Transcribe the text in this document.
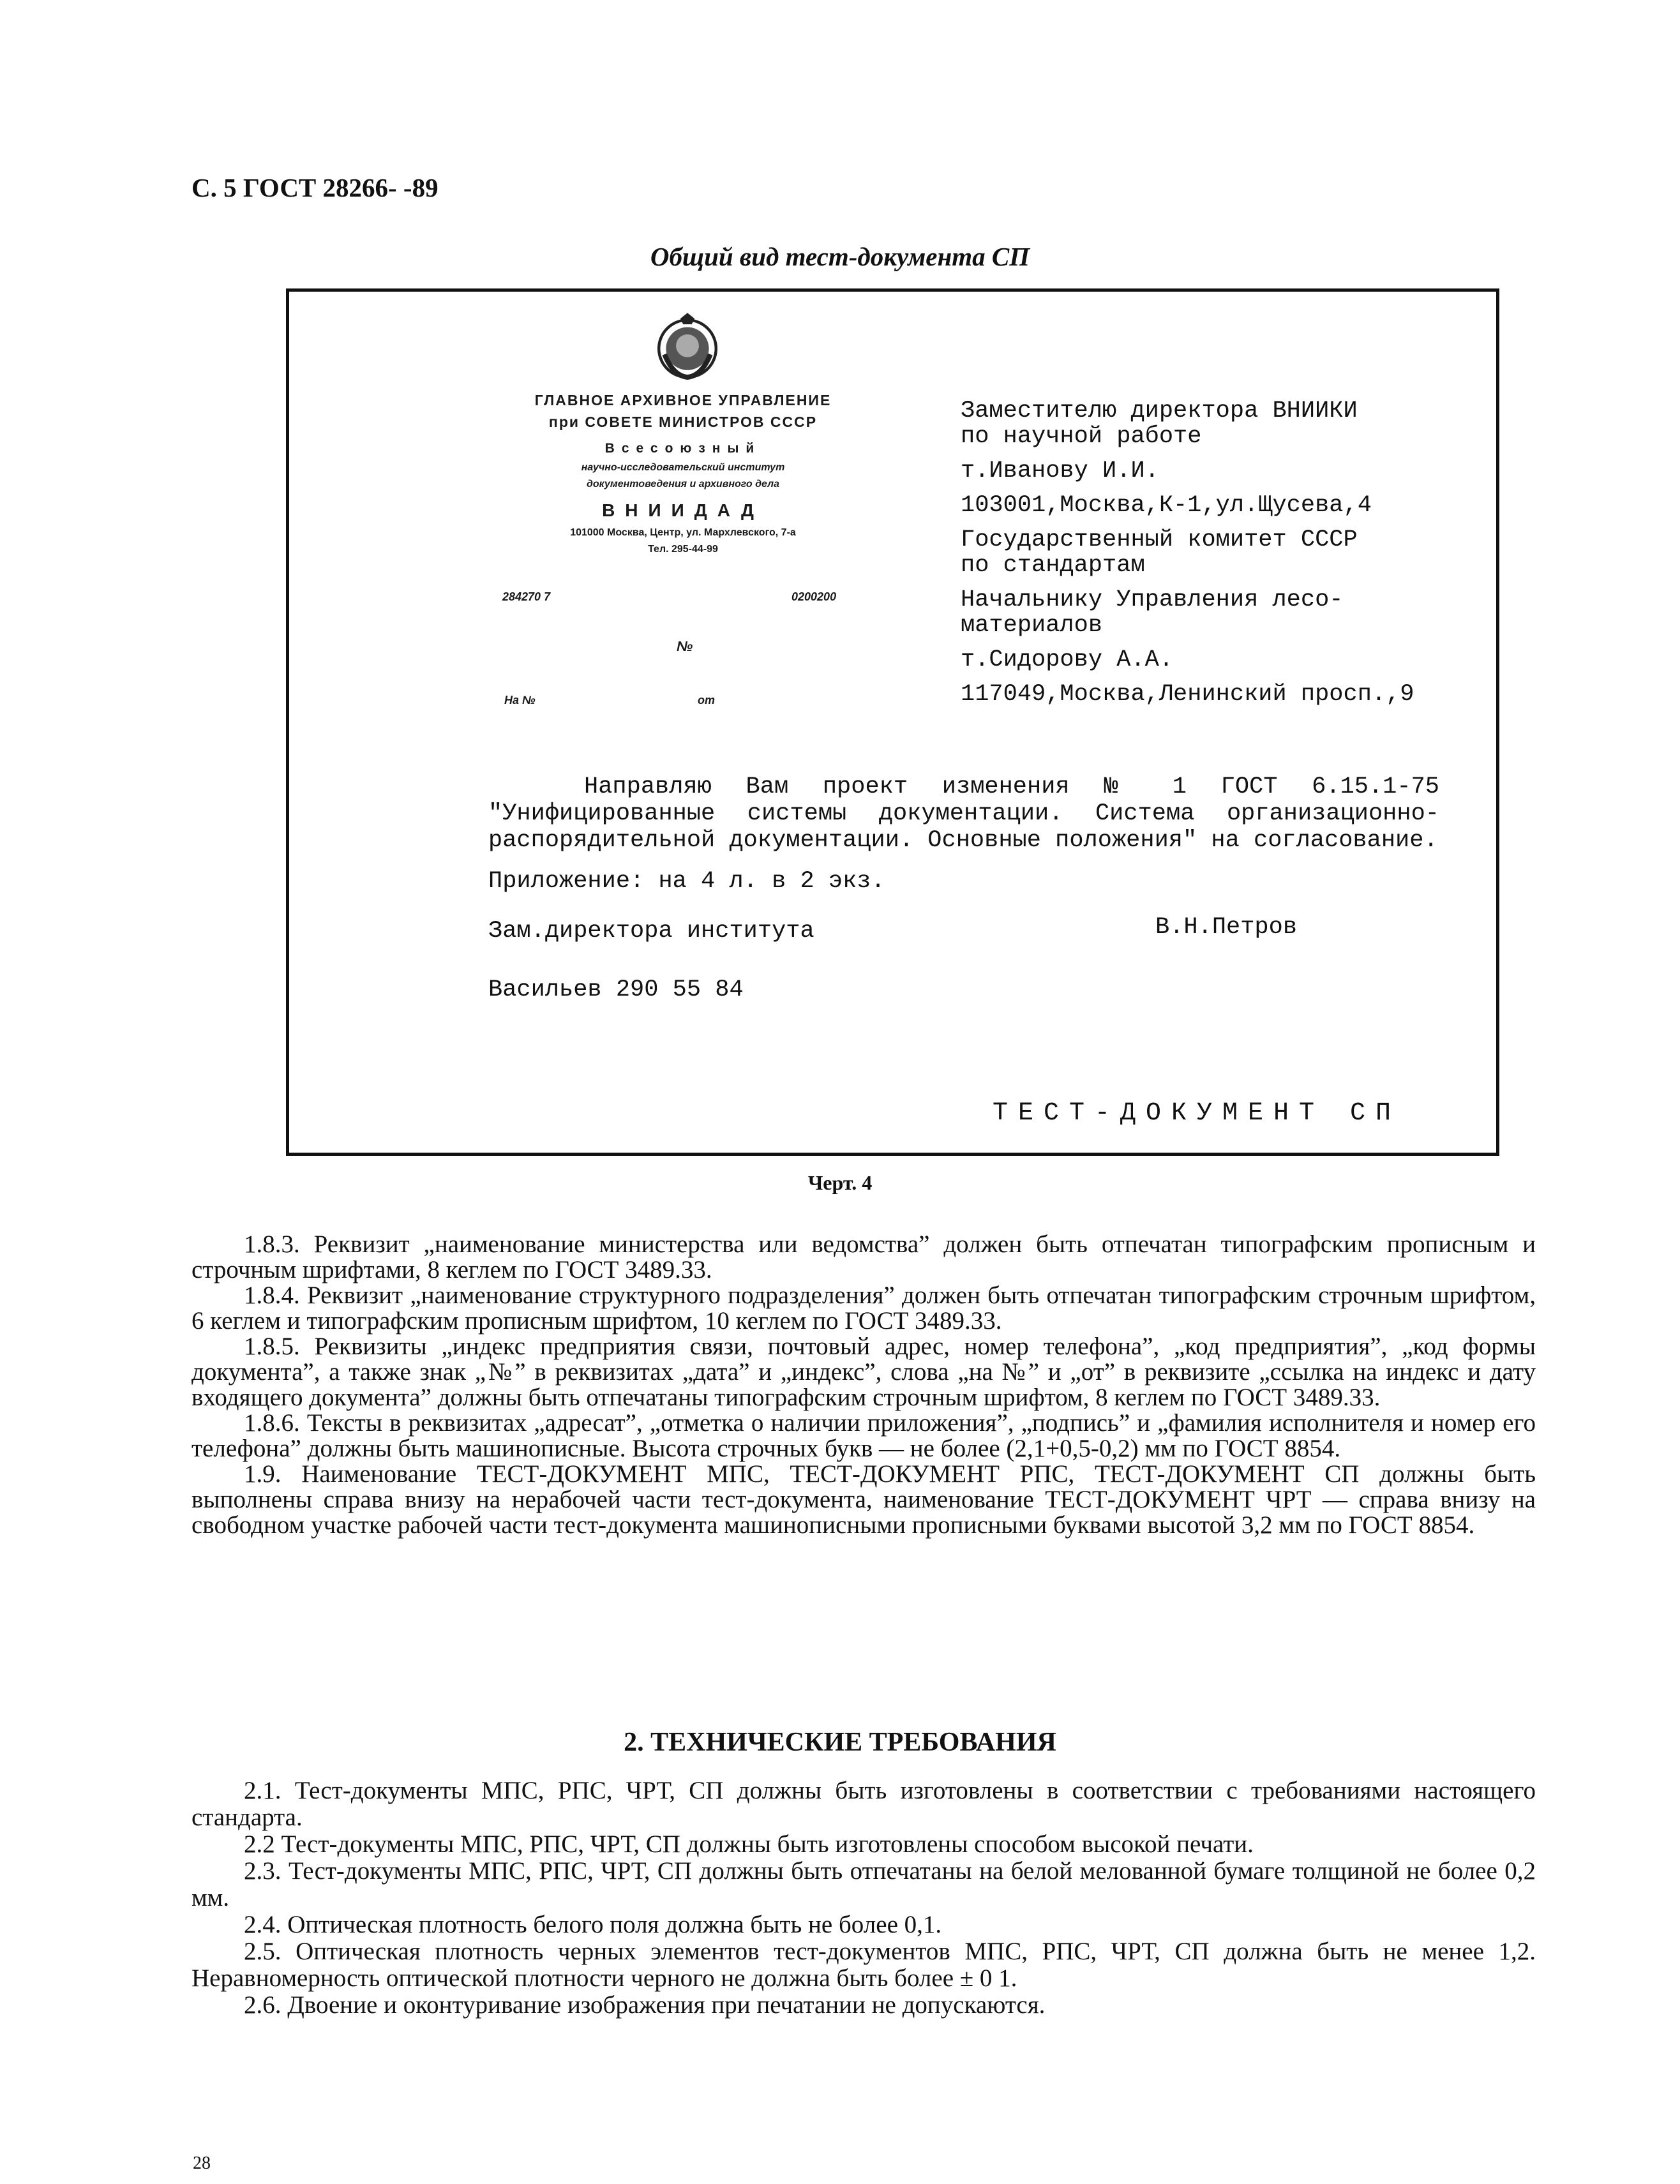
С. 5 ГОСТ 28266- -89
Общий вид тест-документа СП
ГЛАВНОЕ АРХИВНОЕ УПРАВЛЕНИЕ
при СОВЕТЕ МИНИСТРОВ СССР
Всесоюзный
научно-исследовательский институт
документоведения и архивного дела
ВНИИДАД
101000 Москва, Центр, ул. Мархлевского, 7-а
Тел. 295-44-99
284270 7	0200200
№
На №	от
Заместителю директора ВНИИКИ
по научной работе
т.Иванову И.И.
103001,Москва,К-1,ул.Щусева,4
Государственный комитет СССР
по стандартам
Начальнику Управления лесо-
материалов
т.Сидорову А.А.
117049,Москва,Ленинский просп.,9
Направляю Вам проект изменения № 1 ГОСТ 6.15.1-75 "Унифицированные системы документации. Система организационно-распорядительной документации. Основные положения" на согласование.
Приложение: на 4 л. в 2 экз.
Зам.директора института	В.Н.Петров
Васильев 290 55 84
ТЕСТ-ДОКУМЕНТ СП
Черт. 4

1.8.3. Реквизит „наименование министерства или ведомства” должен быть отпечатан типографским прописным и строчным шрифтами, 8 кеглем по ГОСТ 3489.33.

1.8.4. Реквизит „наименование структурного подразделения” должен быть отпечатан типографским строчным шрифтом, 6 кеглем и типографским прописным шрифтом, 10 кеглем по ГОСТ 3489.33.

1.8.5. Реквизиты „индекс предприятия связи, почтовый адрес, номер телефона”, „код предприятия”, „код формы документа”, а также знак „№” в реквизитах „дата” и „индекс”, слова „на №” и „от” в реквизите „ссылка на индекс и дату входящего документа” должны быть отпечатаны типографским строчным шрифтом, 8 кеглем по ГОСТ 3489.33.

1.8.6. Тексты в реквизитах „адресат”, „отметка о наличии приложения”, „подпись” и „фамилия исполнителя и номер его телефона” должны быть машинописные. Высота строчных букв — не более (2,1+0,5-0,2) мм по ГОСТ 8854.

1.9. Наименование ТЕСТ-ДОКУМЕНТ МПС, ТЕСТ-ДОКУМЕНТ РПС, ТЕСТ-ДОКУМЕНТ СП должны быть выполнены справа внизу на нерабочей части тест-документа, наименование ТЕСТ-ДОКУМЕНТ ЧРТ — справа внизу на свободном участке рабочей части тест-документа машинописными прописными буквами высотой 3,2 мм по ГОСТ 8854.

2. ТЕХНИЧЕСКИЕ ТРЕБОВАНИЯ

2.1. Тест-документы МПС, РПС, ЧРТ, СП должны быть изготовлены в соответствии с требованиями настоящего стандарта.

2.2 Тест-документы МПС, РПС, ЧРТ, СП должны быть изготовлены способом высокой печати.

2.3. Тест-документы МПС, РПС, ЧРТ, СП должны быть отпечатаны на белой мелованной бумаге толщиной не более 0,2 мм.

2.4. Оптическая плотность белого поля должна быть не более 0,1.

2.5. Оптическая плотность черных элементов тест-документов МПС, РПС, ЧРТ, СП должна быть не менее 1,2. Неравномерность оптической плотности черного не должна быть более ± 0 1.

2.6. Двоение и оконтуривание изображения при печатании не допускаются.

28
